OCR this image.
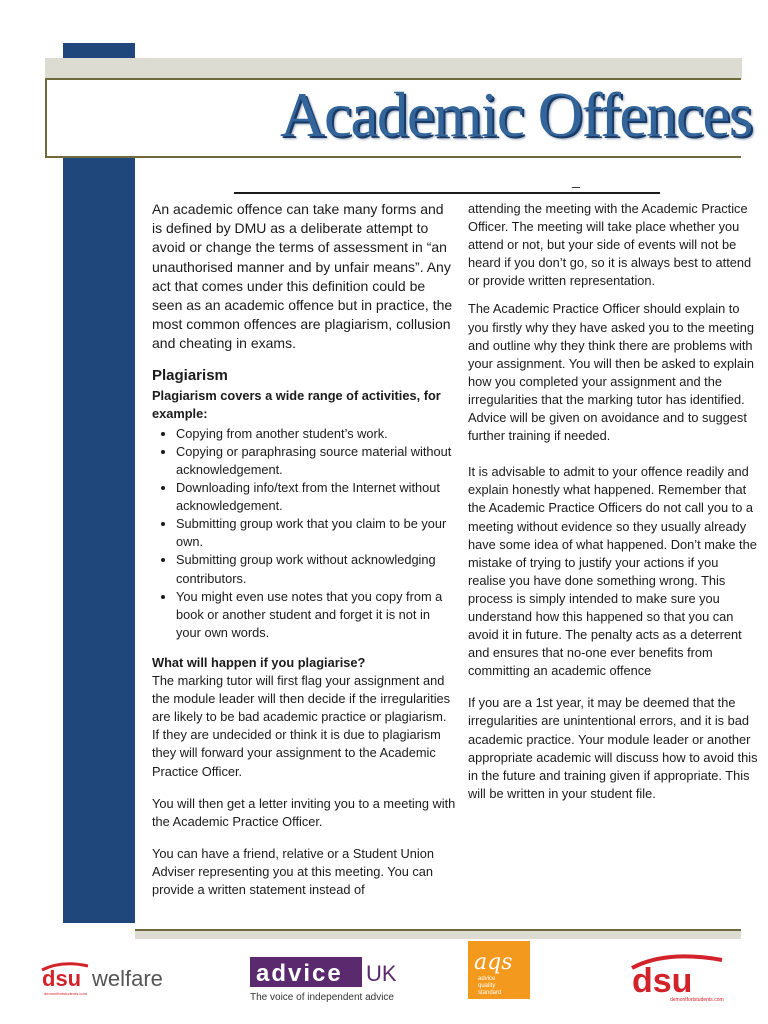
Academic Offences
_

An academic offence can take many forms and is defined by DMU as a deliberate attempt to avoid or change the terms of assessment in “an unauthorised manner and by unfair means”. Any act that comes under this definition could be seen as an academic offence but in practice, the most common offences are plagiarism, collusion and cheating in exams.

Plagiarism

Plagiarism covers a wide range of activities, for example:

• Copying from another student’s work.
• Copying or paraphrasing source material without acknowledgement.
• Downloading info/text from the Internet without acknowledgement.
• Submitting group work that you claim to be your own.
• Submitting group work without acknowledging contributors.
• You might even use notes that you copy from a book or another student and forget it is not in your own words.

What will happen if you plagiarise?

The marking tutor will first flag your assignment and the module leader will then decide if the irregularities are likely to be bad academic practice or plagiarism. If they are undecided or think it is due to plagiarism they will forward your assignment to the Academic Practice Officer.

You will then get a letter inviting you to a meeting with the Academic Practice Officer.

You can have a friend, relative or a Student Union Adviser representing you at this meeting. You can provide a written statement instead of

attending the meeting with the Academic Practice Officer. The meeting will take place whether you attend or not, but your side of events will not be heard if you don’t go, so it is always best to attend or provide written representation.

The Academic Practice Officer should explain to you firstly why they have asked you to the meeting and outline why they think there are problems with your assignment. You will then be asked to explain how you completed your assignment and the irregularities that the marking tutor has identified. Advice will be given on avoidance and to suggest further training if needed.

It is advisable to admit to your offence readily and explain honestly what happened. Remember that the Academic Practice Officers do not call you to a meeting without evidence so they usually already have some idea of what happened. Don’t make the mistake of trying to justify your actions if you realise you have done something wrong. This process is simply intended to make sure you understand how this happened so that you can avoid it in future. The penalty acts as a deterrent and ensures that no-one ever benefits from committing an academic offence

If you are a 1st year, it may be deemed that the irregularities are unintentional errors, and it is bad academic practice. Your module leader or another appropriate academic will discuss how to avoid this in the future and training given if appropriate. This will be written in your student file.

dsu welfare
demontfortstudents.com
advice UK
The voice of independent advice
aqs
advice
quality
standard	dsu
demontfortstudents.com
